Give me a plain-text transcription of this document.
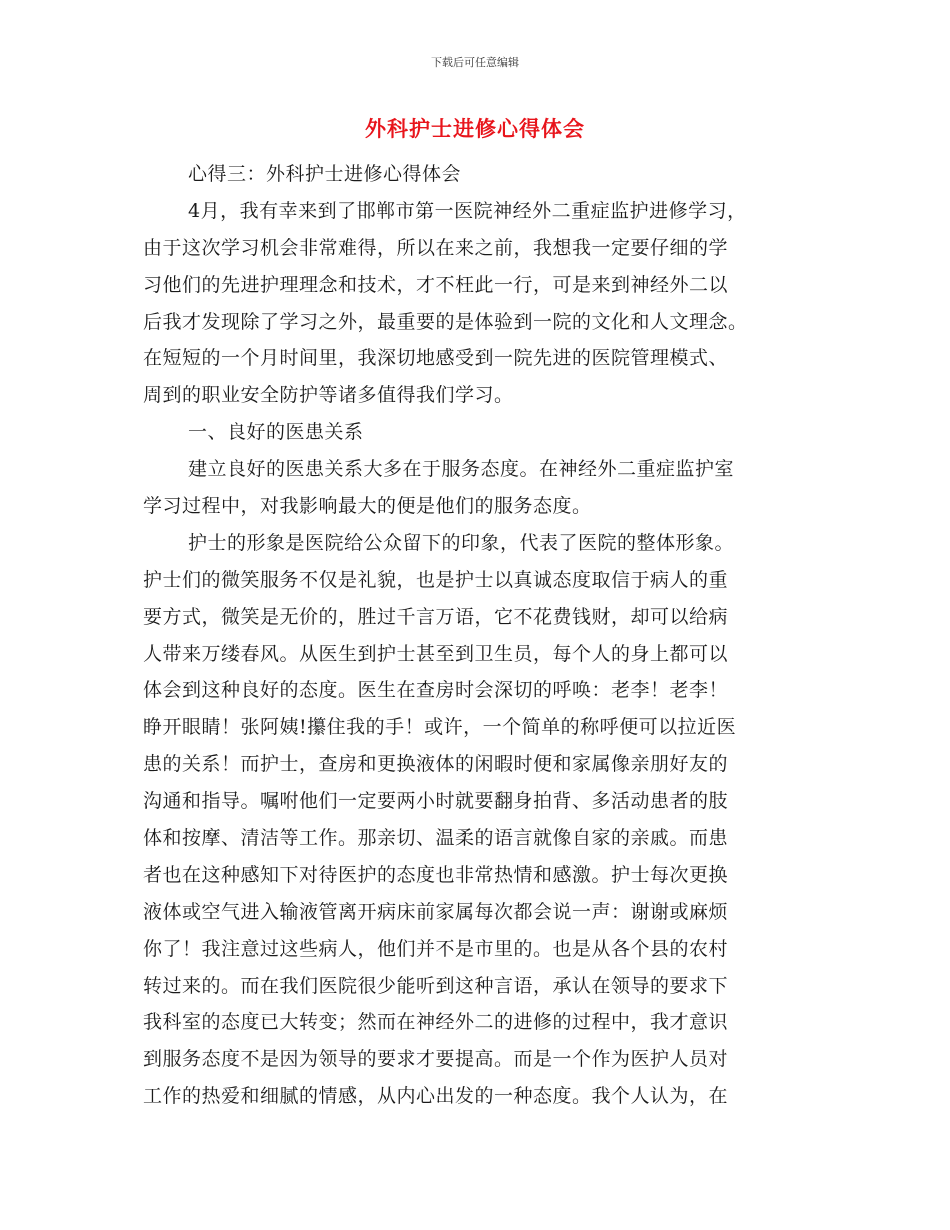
下载后可任意编辑
外科护士进修心得体会
心得三：外科护士进修心得体会
4月，我有幸来到了邯郸市第一医院神经外二重症监护进修学习，
由于这次学习机会非常难得，所以在来之前，我想我一定要仔细的学
习他们的先进护理理念和技术，才不枉此一行，可是来到神经外二以
后我才发现除了学习之外，最重要的是体验到一院的文化和人文理念。
在短短的一个月时间里，我深切地感受到一院先进的医院管理模式、
周到的职业安全防护等诸多值得我们学习。
一、良好的医患关系
建立良好的医患关系大多在于服务态度。在神经外二重症监护室
学习过程中，对我影响最大的便是他们的服务态度。
护士的形象是医院给公众留下的印象，代表了医院的整体形象。
护士们的微笑服务不仅是礼貌，也是护士以真诚态度取信于病人的重
要方式，微笑是无价的，胜过千言万语，它不花费钱财，却可以给病
人带来万缕春风。从医生到护士甚至到卫生员，每个人的身上都可以
体会到这种良好的态度。医生在查房时会深切的呼唤：老李！老李！
睁开眼睛！张阿姨!攥住我的手！或许，一个简单的称呼便可以拉近医
患的关系！而护士，查房和更换液体的闲暇时便和家属像亲朋好友的
沟通和指导。嘱咐他们一定要两小时就要翻身拍背、多活动患者的肢
体和按摩、清洁等工作。那亲切、温柔的语言就像自家的亲戚。而患
者也在这种感知下对待医护的态度也非常热情和感激。护士每次更换
液体或空气进入输液管离开病床前家属每次都会说一声：谢谢或麻烦
你了！我注意过这些病人，他们并不是市里的。也是从各个县的农村
转过来的。而在我们医院很少能听到这种言语，承认在领导的要求下
我科室的态度已大转变；然而在神经外二的进修的过程中，我才意识
到服务态度不是因为领导的要求才要提高。而是一个作为医护人员对
工作的热爱和细腻的情感，从内心出发的一种态度。我个人认为，在
